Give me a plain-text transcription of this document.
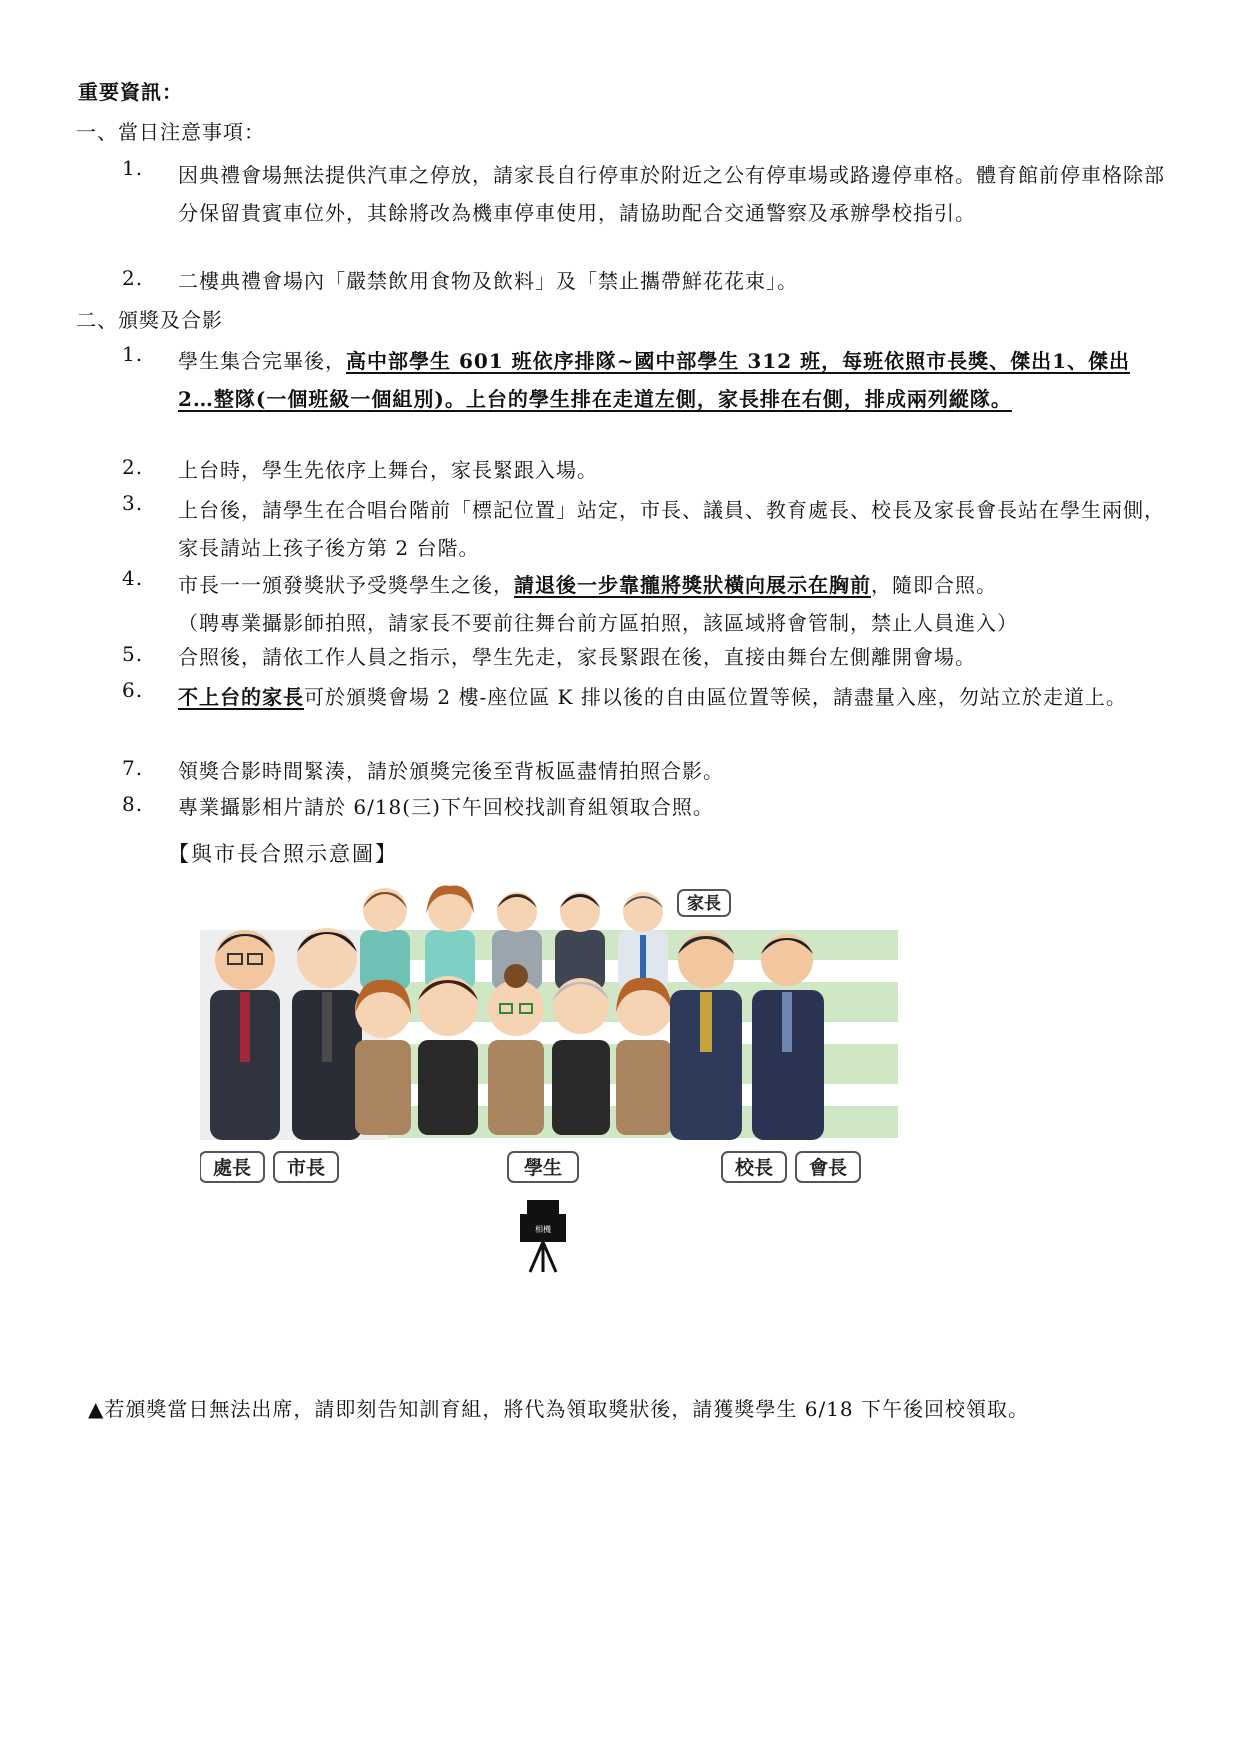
重要資訊：
一、當日注意事項：
1.	因典禮會場無法提供汽車之停放，請家長自行停車於附近之公有停車場或路邊停車格。體育館前停車格除部分保留貴賓車位外，其餘將改為機車停車使用，請協助配合交通警察及承辦學校指引。
2.	二樓典禮會場內「嚴禁飲用食物及飲料」及「禁止攜帶鮮花花束」。
二、頒獎及合影
1.	學生集合完畢後，高中部學生 601 班依序排隊~國中部學生 312 班，每班依照市長獎、傑出1、傑出 2…整隊(一個班級一個組別)。上台的學生排在走道左側，家長排在右側，排成兩列縱隊。
2.	上台時，學生先依序上舞台，家長緊跟入場。
3.	上台後，請學生在合唱台階前「標記位置」站定，市長、議員、教育處長、校長及家長會長站在學生兩側，家長請站上孩子後方第 2 台階。
4.	市長一一頒發獎狀予受獎學生之後，請退後一步靠攏將獎狀橫向展示在胸前，隨即合照。
（聘專業攝影師拍照，請家長不要前往舞台前方區拍照，該區域將會管制，禁止人員進入）
5.	合照後，請依工作人員之指示，學生先走，家長緊跟在後，直接由舞台左側離開會場。
6.	不上台的家長可於頒獎會場 2 樓-座位區 K 排以後的自由區位置等候，請盡量入座，勿站立於走道上。
7.	領獎合影時間緊湊，請於頒獎完後至背板區盡情拍照合影。
8.	專業攝影相片請於 6/18(三)下午回校找訓育組領取合照。
【與市長合照示意圖】
家長
處長 市長	學生	校長 會長
相機
▲若頒獎當日無法出席，請即刻告知訓育組，將代為領取獎狀後，請獲獎學生 6/18 下午後回校領取。
